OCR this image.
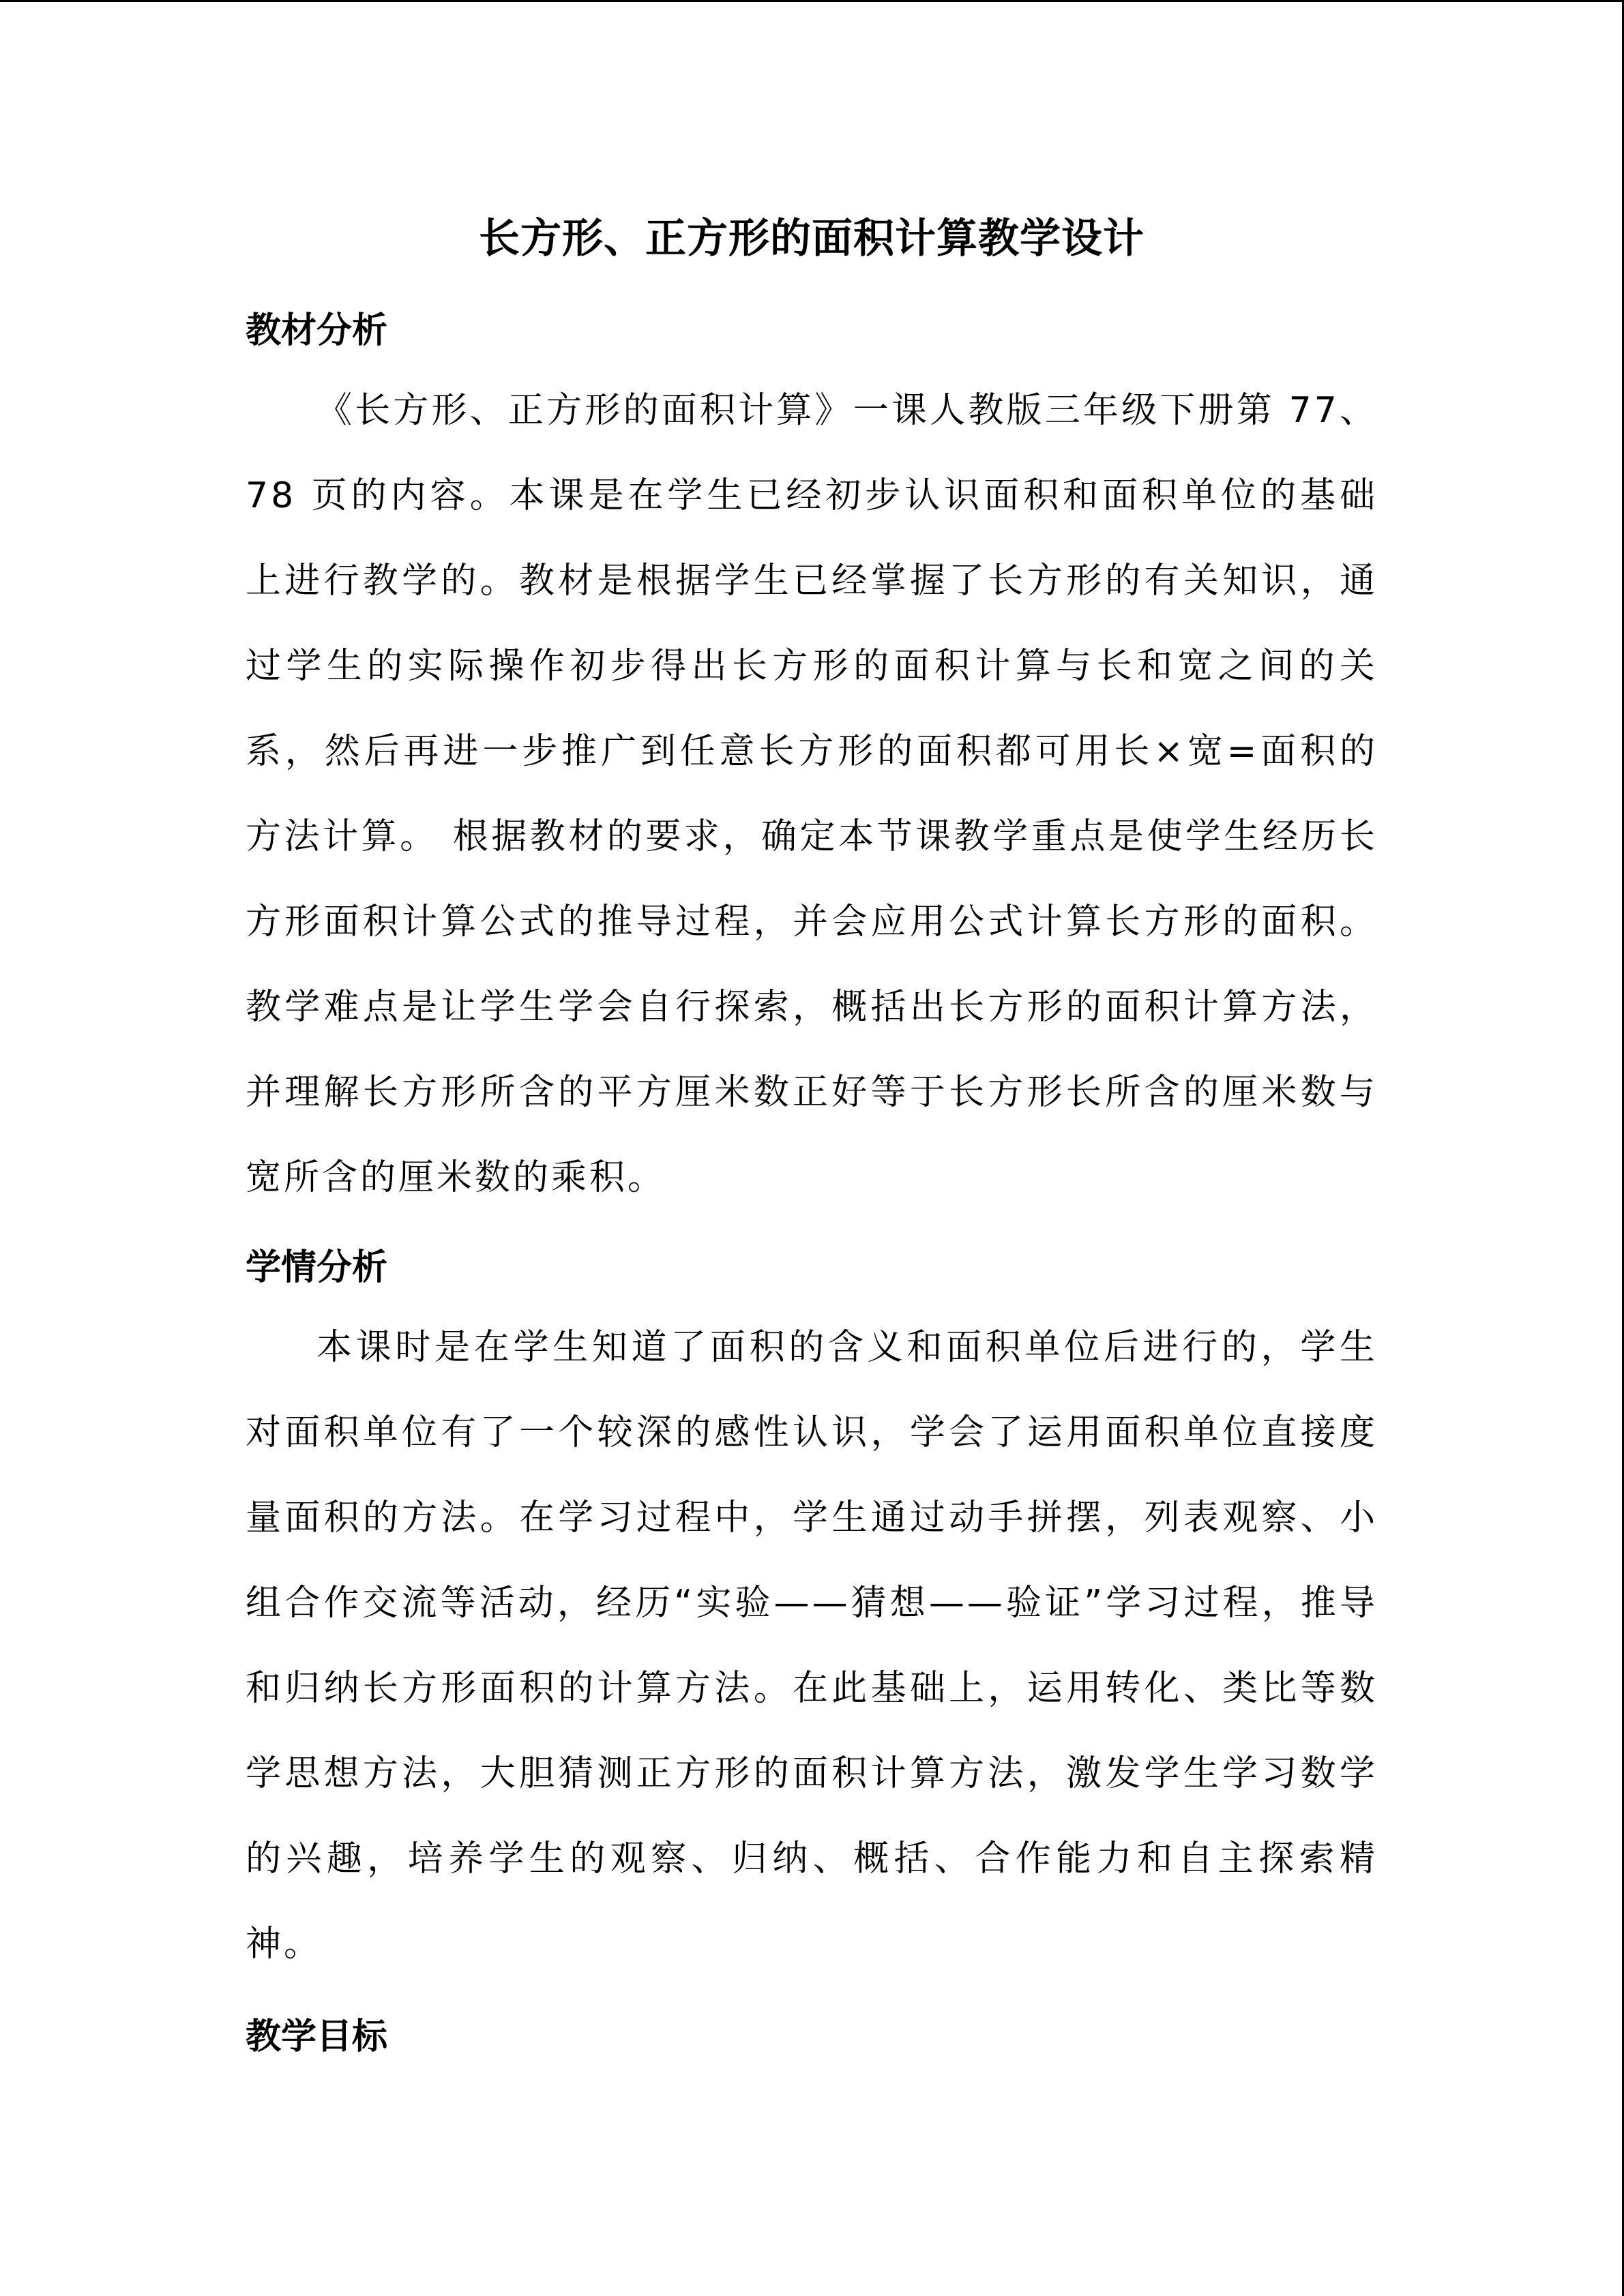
长方形、正方形的面积计算教学设计
教材分析

《长方形、正方形的面积计算》一课人教版三年级下册第 77、78 页的内容。本课是在学生已经初步认识面积和面积单位的基础上进行教学的。教材是根据学生已经掌握了长方形的有关知识，通过学生的实际操作初步得出长方形的面积计算与长和宽之间的关系，然后再进一步推广到任意长方形的面积都可用长×宽=面积的方法计算。 根据教材的要求，确定本节课教学重点是使学生经历长方形面积计算公式的推导过程，并会应用公式计算长方形的面积。教学难点是让学生学会自行探索，概括出长方形的面积计算方法，并理解长方形所含的平方厘米数正好等于长方形长所含的厘米数与宽所含的厘米数的乘积。

学情分析

本课时是在学生知道了面积的含义和面积单位后进行的，学生对面积单位有了一个较深的感性认识，学会了运用面积单位直接度量面积的方法。在学习过程中，学生通过动手拼摆，列表观察、小组合作交流等活动，经历“实验——猜想——验证”学习过程，推导和归纳长方形面积的计算方法。在此基础上，运用转化、类比等数学思想方法，大胆猜测正方形的面积计算方法，激发学生学习数学的兴趣，培养学生的观察、归纳、概括、合作能力和自主探索精神。

教学目标
